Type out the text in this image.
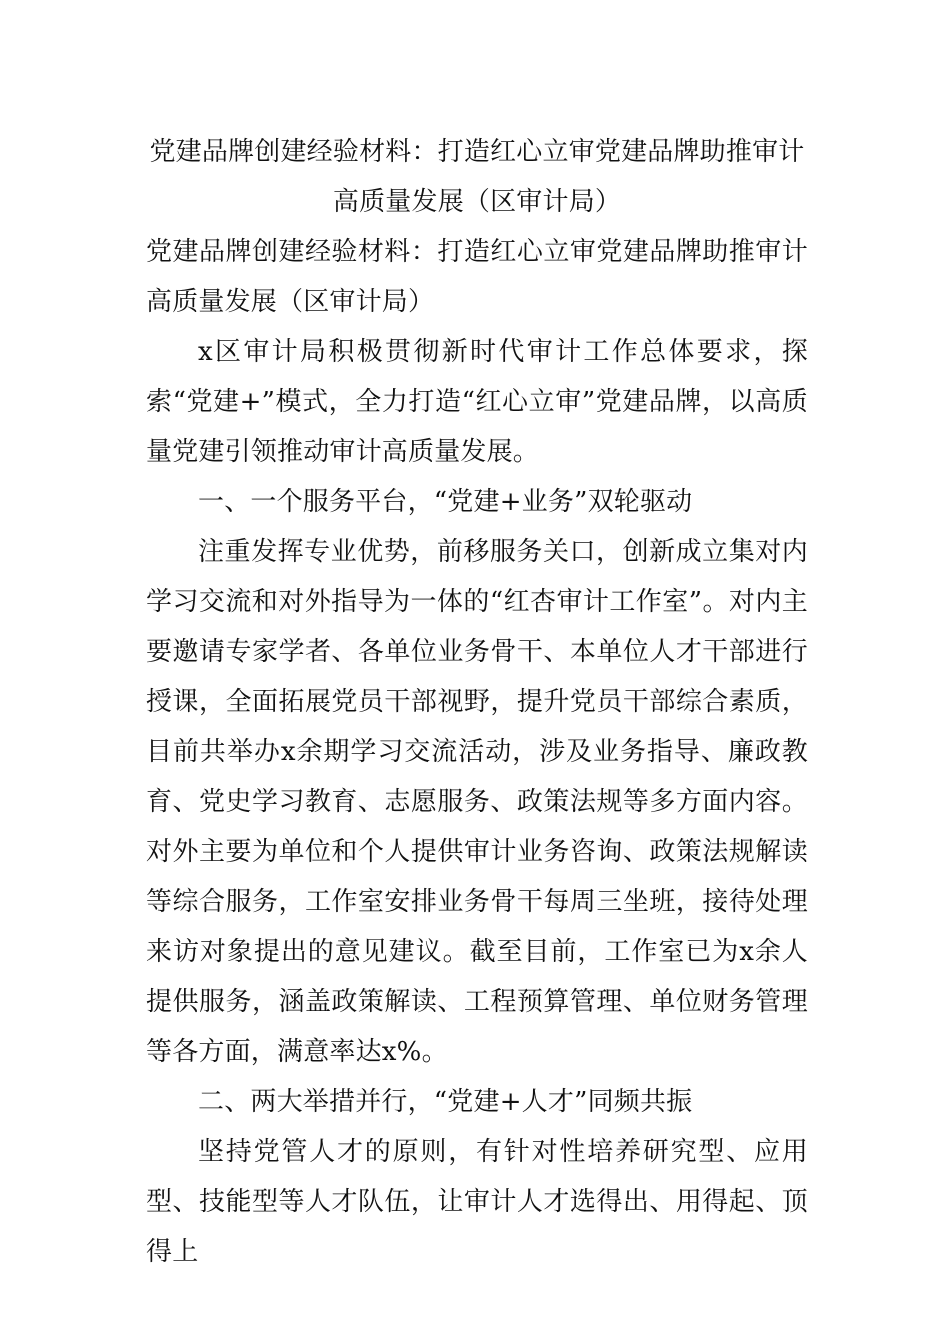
党建品牌创建经验材料：打造红心立审党建品牌助推审计
高质量发展（区审计局）

党建品牌创建经验材料：打造红心立审党建品牌助推审计高质量发展（区审计局）

x区审计局积极贯彻新时代审计工作总体要求，探索“党建+”模式，全力打造“红心立审”党建品牌，以高质量党建引领推动审计高质量发展。

一、一个服务平台，“党建+业务”双轮驱动

注重发挥专业优势，前移服务关口，创新成立集对内学习交流和对外指导为一体的“红杏审计工作室”。对内主要邀请专家学者、各单位业务骨干、本单位人才干部进行授课，全面拓展党员干部视野，提升党员干部综合素质，目前共举办x余期学习交流活动，涉及业务指导、廉政教育、党史学习教育、志愿服务、政策法规等多方面内容。对外主要为单位和个人提供审计业务咨询、政策法规解读等综合服务，工作室安排业务骨干每周三坐班，接待处理来访对象提出的意见建议。截至目前，工作室已为x余人提供服务，涵盖政策解读、工程预算管理、单位财务管理等各方面，满意率达x%。

二、两大举措并行，“党建+人才”同频共振

坚持党管人才的原则，有针对性培养研究型、应用型、技能型等人才队伍，让审计人才选得出、用得起、顶得上
